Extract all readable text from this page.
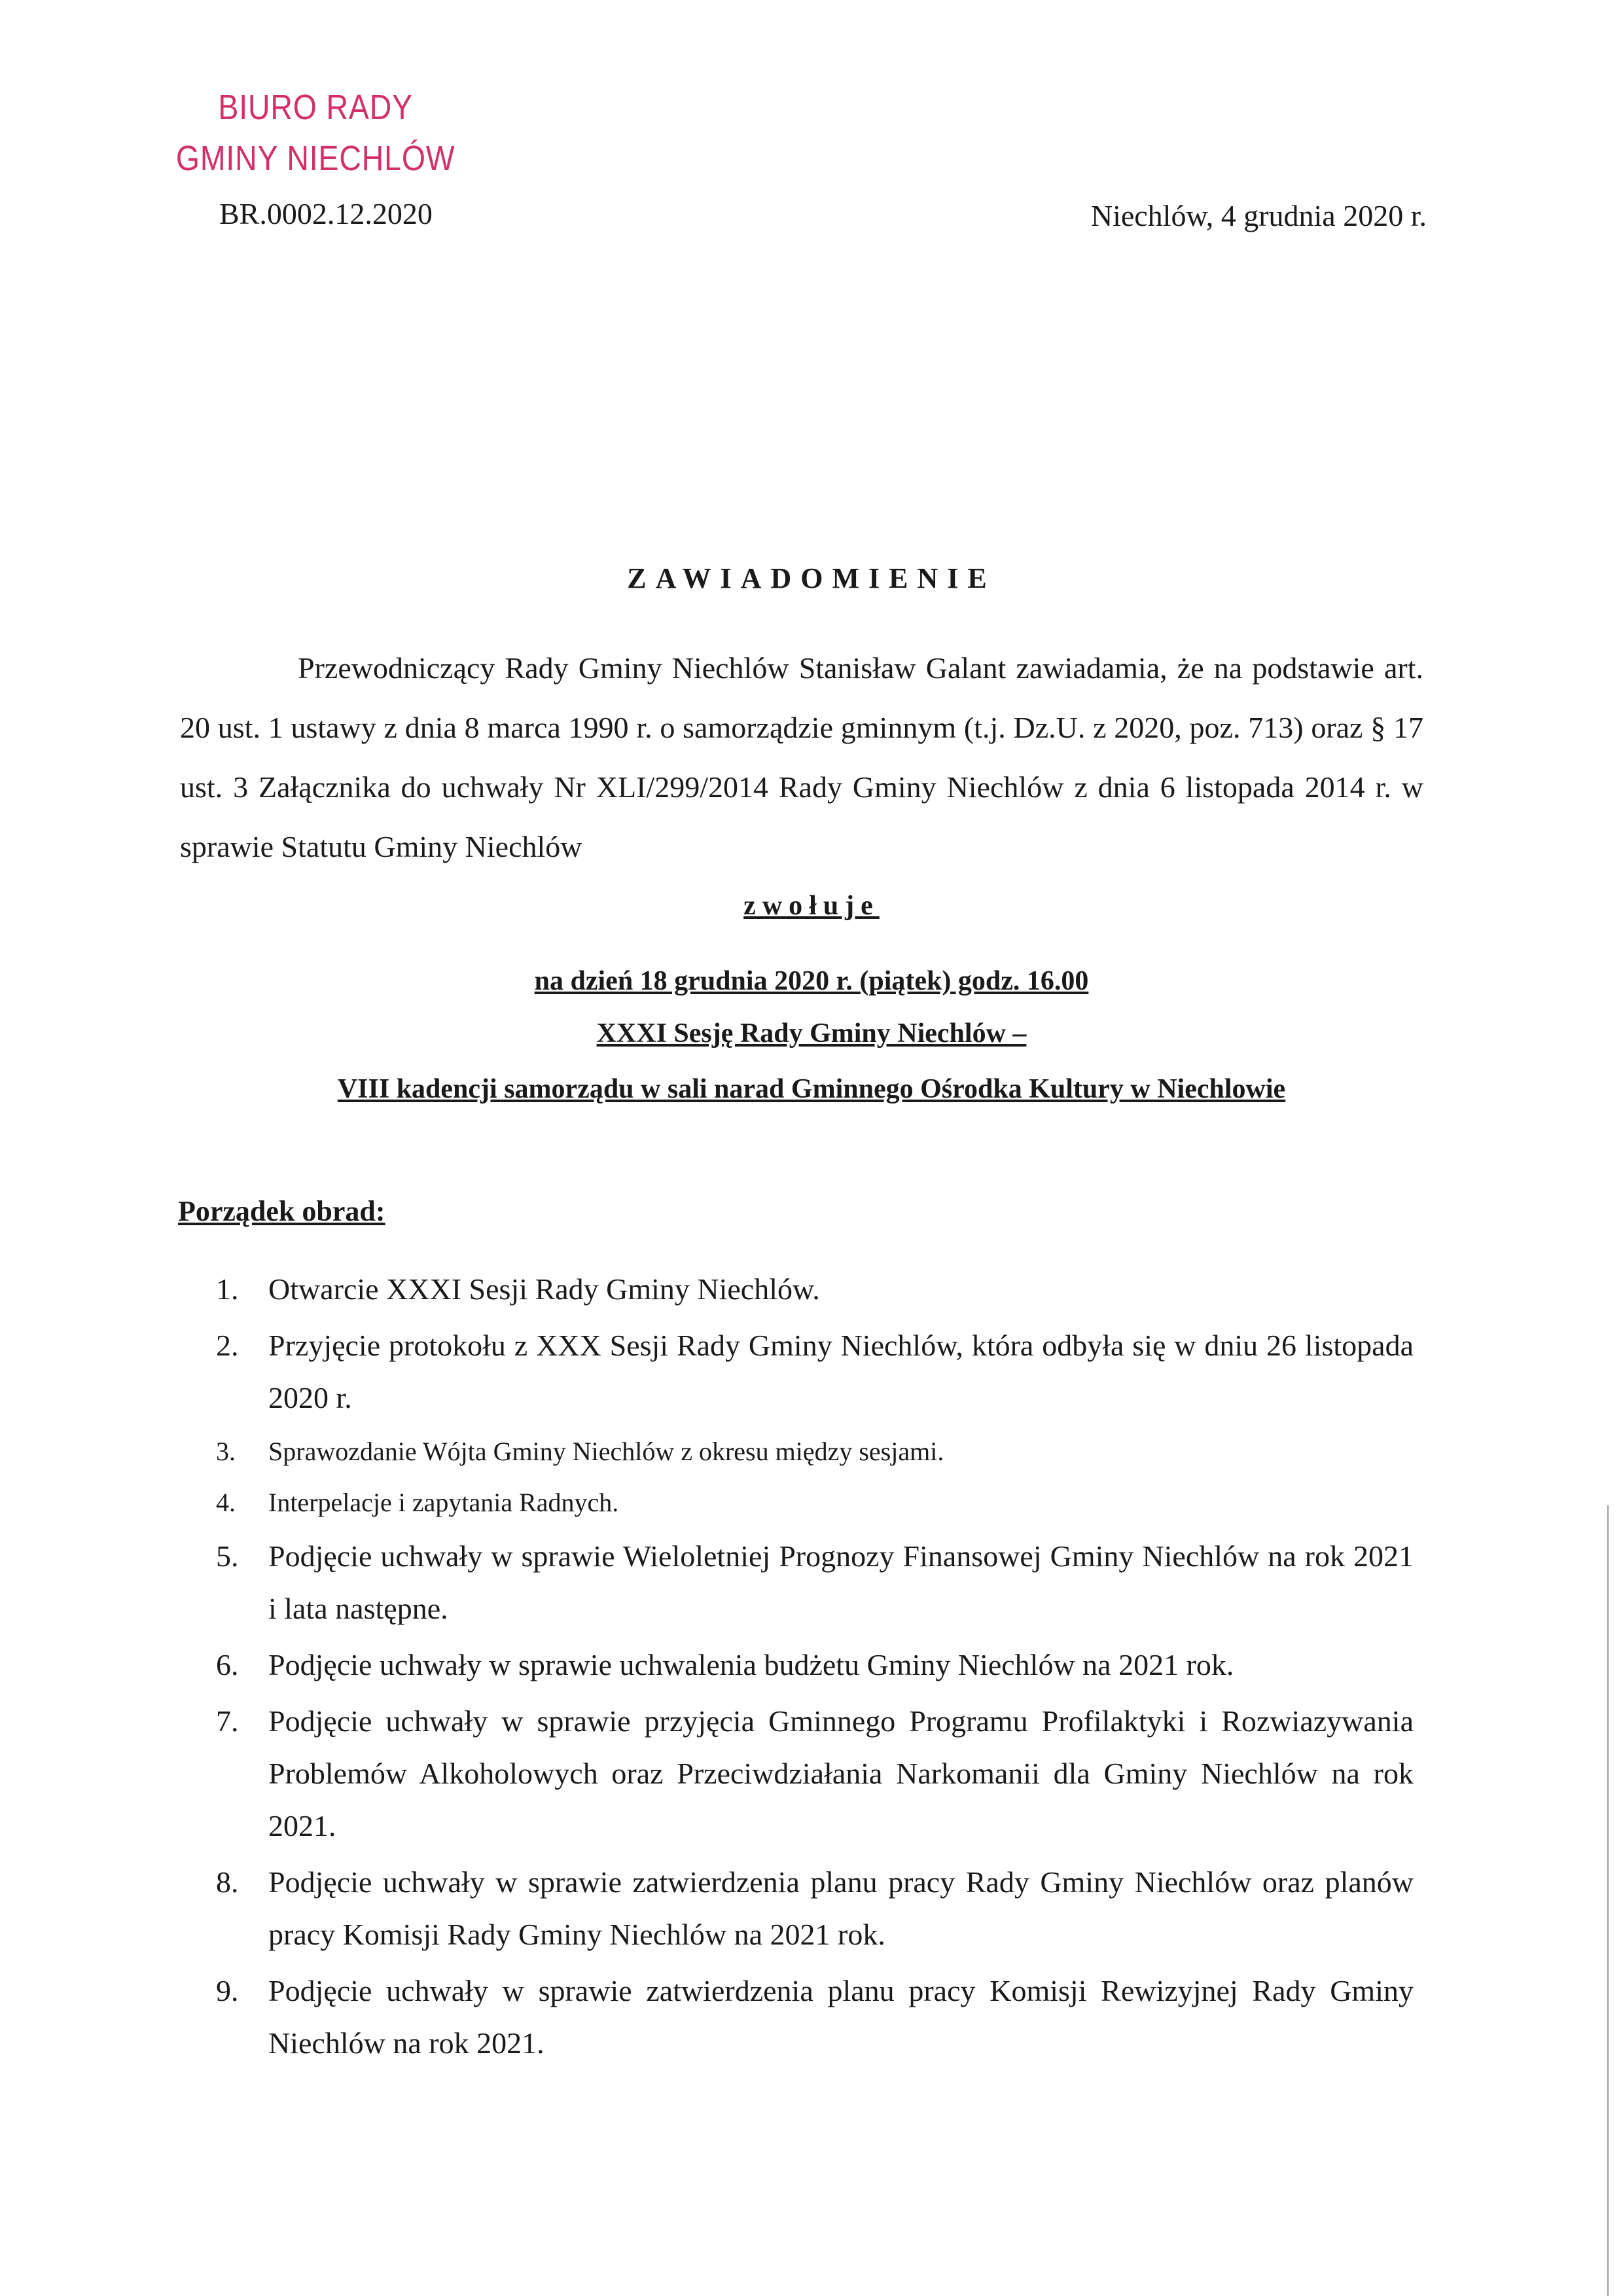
BIURO RADY
GMINY NIECHLÓW
BR.0002.12.2020	Niechlów, 4 grudnia 2020 r.
ZAWIADOMIENIE
Przewodniczący Rady Gminy Niechlów Stanisław Galant zawiadamia, że na podstawie art. 20 ust. 1 ustawy z dnia 8 marca 1990 r. o samorządzie gminnym (t.j. Dz.U. z 2020, poz. 713) oraz § 17 ust. 3 Załącznika do uchwały Nr XLI/299/2014 Rady Gminy Niechlów z dnia 6 listopada 2014 r. w sprawie Statutu Gminy Niechlów
zwołuje
na dzień 18 grudnia 2020 r. (piątek) godz. 16.00
XXXI Sesję Rady Gminy Niechlów –
VIII kadencji samorządu w sali narad Gminnego Ośrodka Kultury w Niechlowie
Porządek obrad:
1. Otwarcie XXXI Sesji Rady Gminy Niechlów.
2. Przyjęcie protokołu z XXX Sesji Rady Gminy Niechlów, która odbyła się w dniu 26 listopada 2020 r.
3. Sprawozdanie Wójta Gminy Niechlów z okresu między sesjami.
4. Interpelacje i zapytania Radnych.
5. Podjęcie uchwały w sprawie Wieloletniej Prognozy Finansowej Gminy Niechlów na rok 2021 i lata następne.
6. Podjęcie uchwały w sprawie uchwalenia budżetu Gminy Niechlów na 2021 rok.
7. Podjęcie uchwały w sprawie przyjęcia Gminnego Programu Profilaktyki i Rozwiazywania Problemów Alkoholowych oraz Przeciwdziałania Narkomanii dla Gminy Niechlów na rok 2021.
8. Podjęcie uchwały w sprawie zatwierdzenia planu pracy Rady Gminy Niechlów oraz planów pracy Komisji Rady Gminy Niechlów na 2021 rok.
9. Podjęcie uchwały w sprawie zatwierdzenia planu pracy Komisji Rewizyjnej Rady Gminy Niechlów na rok 2021.
